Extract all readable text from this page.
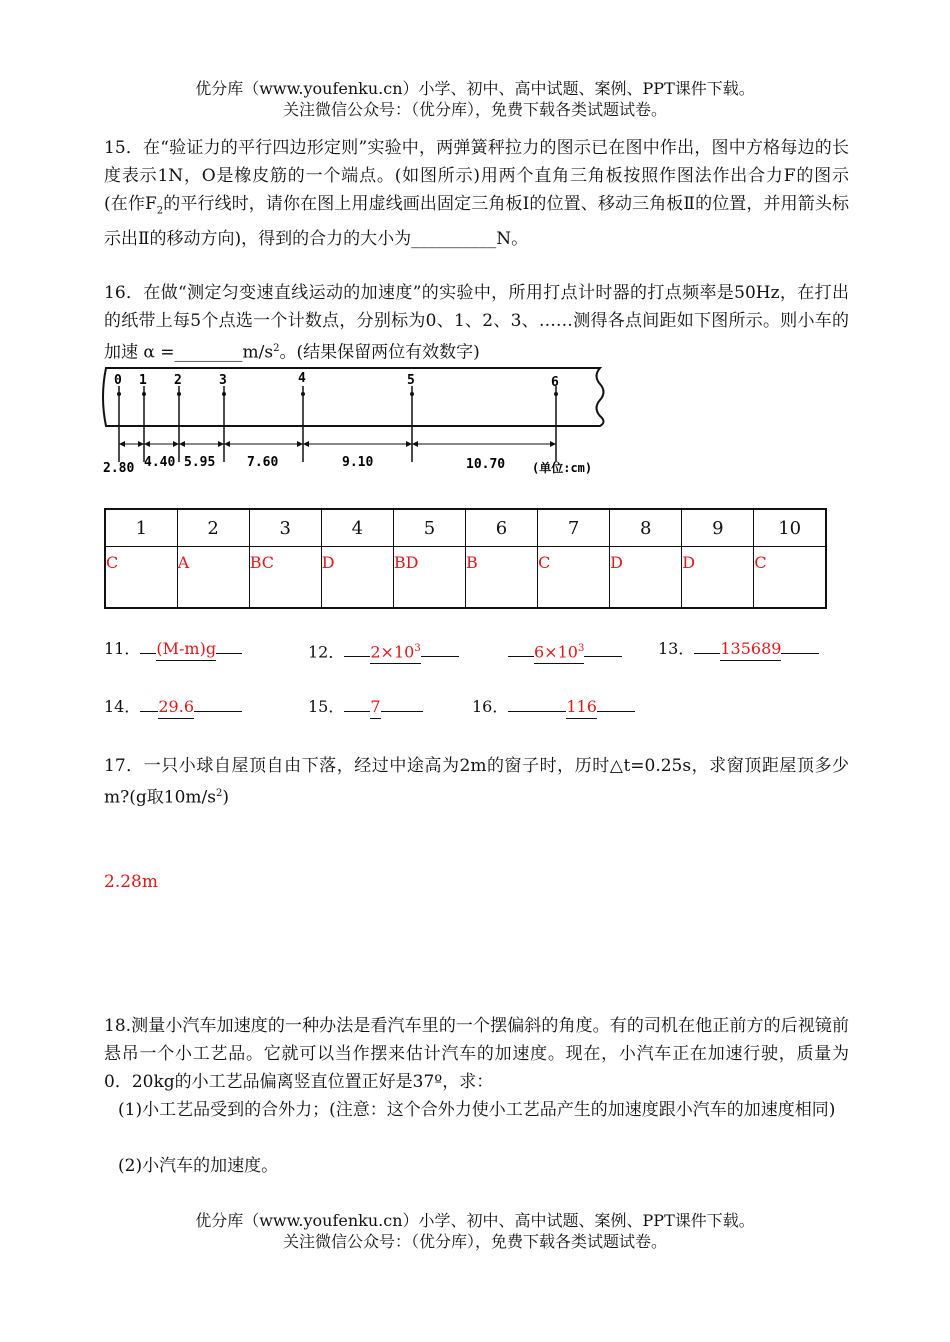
优分库（www.youfenku.cn）小学、初中、高中试题、案例、PPT课件下载。
关注微信公众号：（优分库），免费下载各类试题试卷。
15．在“验证力的平行四边形定则”实验中，两弹簧秤拉力的图示已在图中作出，图中方格每边的长度表示1N，O是橡皮筋的一个端点。(如图所示)用两个直角三角板按照作图法作出合力F的图示　(在作$F_2$的平行线时，请你在图上用虚线画出固定三角板Ⅰ的位置、移动三角板Ⅱ的位置，并用箭头标示出Ⅱ的移动方向)，得到的合力的大小为__________N。
16．在做“测定匀变速直线运动的加速度”的实验中，所用打点计时器的打点频率是50Hz，在打出的纸带上每5个点选一个计数点，分别标为0、1、2、3、……测得各点间距如下图所示。则小车的加速 $\alpha =\_\_\_\_\_\_\_\_m/s^2$。(结果保留两位有效数字)
0 1 2	3	4	5	6
2.80 4.40 5.95 7.60	9.10	10.70 (单位:cm)
1	2	3	4	5	6	7	8	9	10
C	A	BC	D	BD	B	C	D	D	C
11． (M-m)g	12． $2\times 10^3$	$6\times 10^3$	13． 135689
14． 29.6	15． 7	16．	116
17．一只小球自屋顶自由下落，经过中途高为2m的窗子时，历时△t=0.25s，求窗顶距屋顶多少m?(g取$10m/s^2$)
2.28m
18.测量小汽车加速度的一种办法是看汽车里的一个摆偏斜的角度。有的司机在他正前方的后视镜前悬吊一个小工艺品。它就可以当作摆来估计汽车的加速度。现在，小汽车正在加速行驶，质量为 0．20kg的小工艺品偏离竖直位置正好是37º，求：
(1)小工艺品受到的合外力；(注意：这个合外力使小工艺品产生的加速度跟小汽车的加速度相同)
(2)小汽车的加速度。
优分库（www.youfenku.cn）小学、初中、高中试题、案例、PPT课件下载。
关注微信公众号：（优分库），免费下载各类试题试卷。
